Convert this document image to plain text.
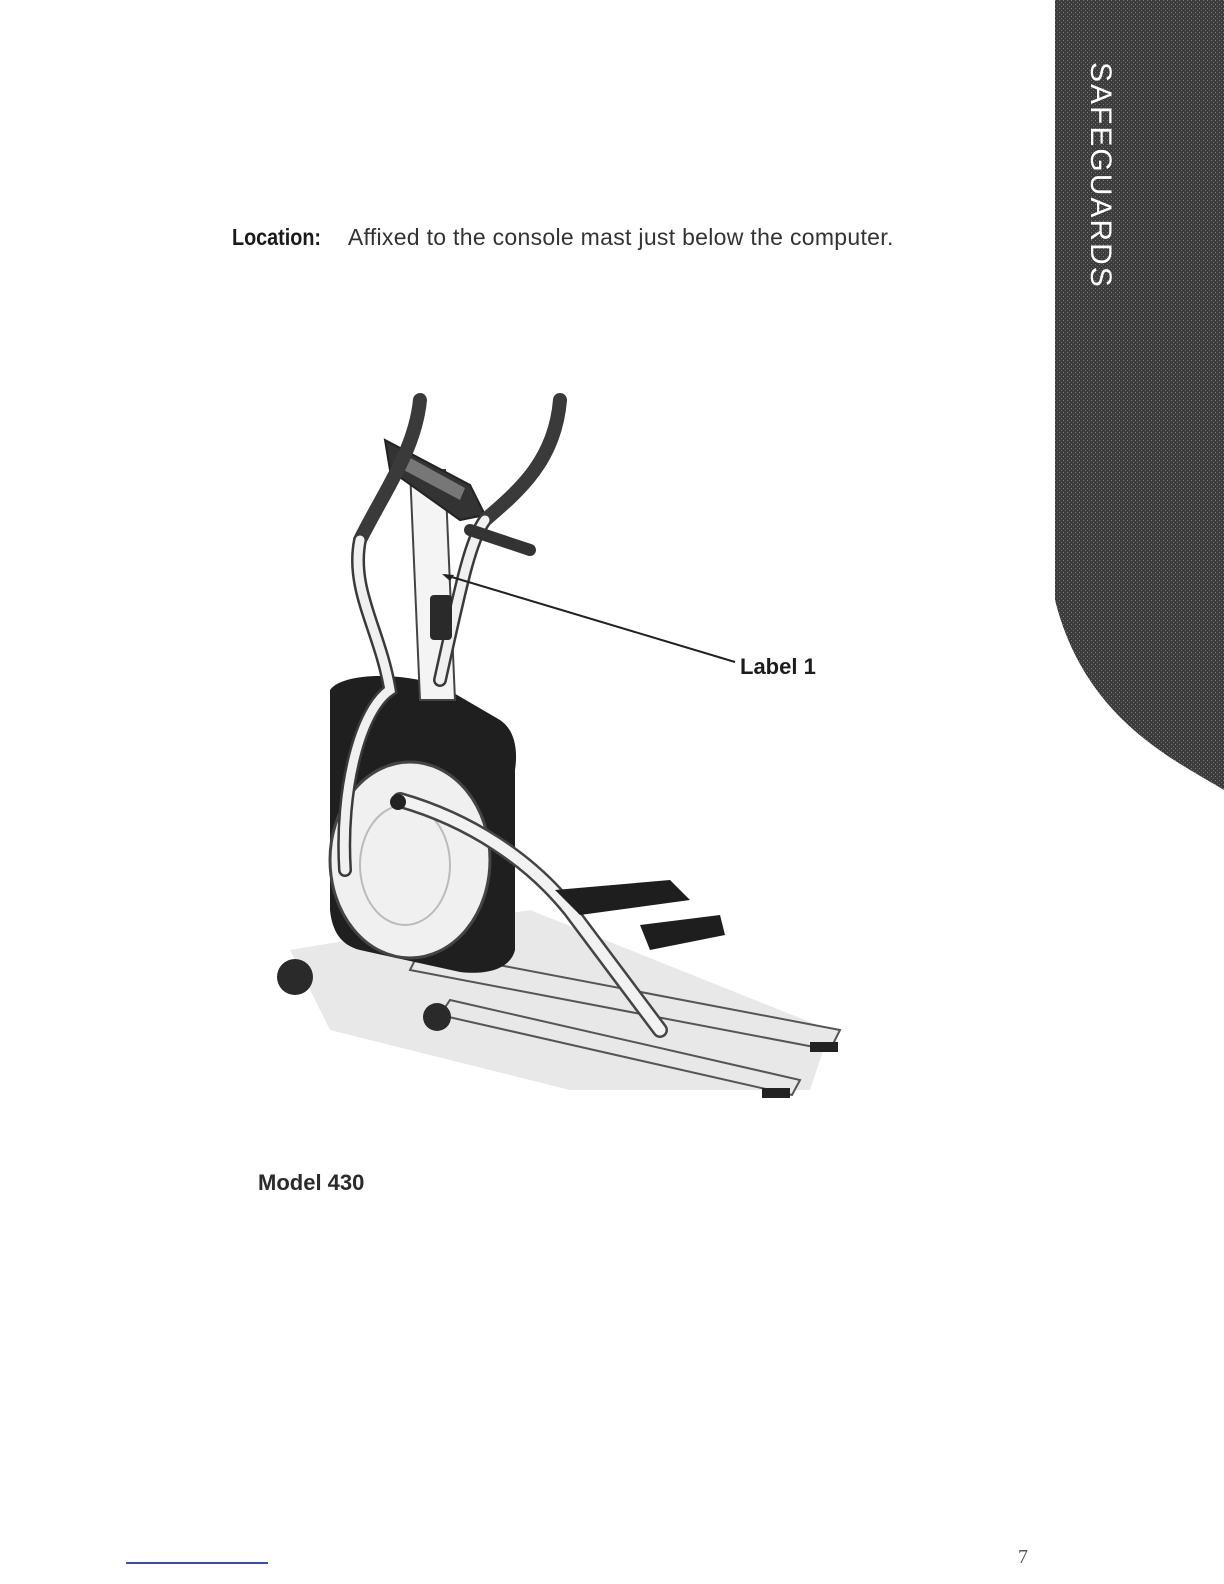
SAFEGUARDS
Location: Affixed to the console mast just below the computer.
Label 1
Model 430
7
